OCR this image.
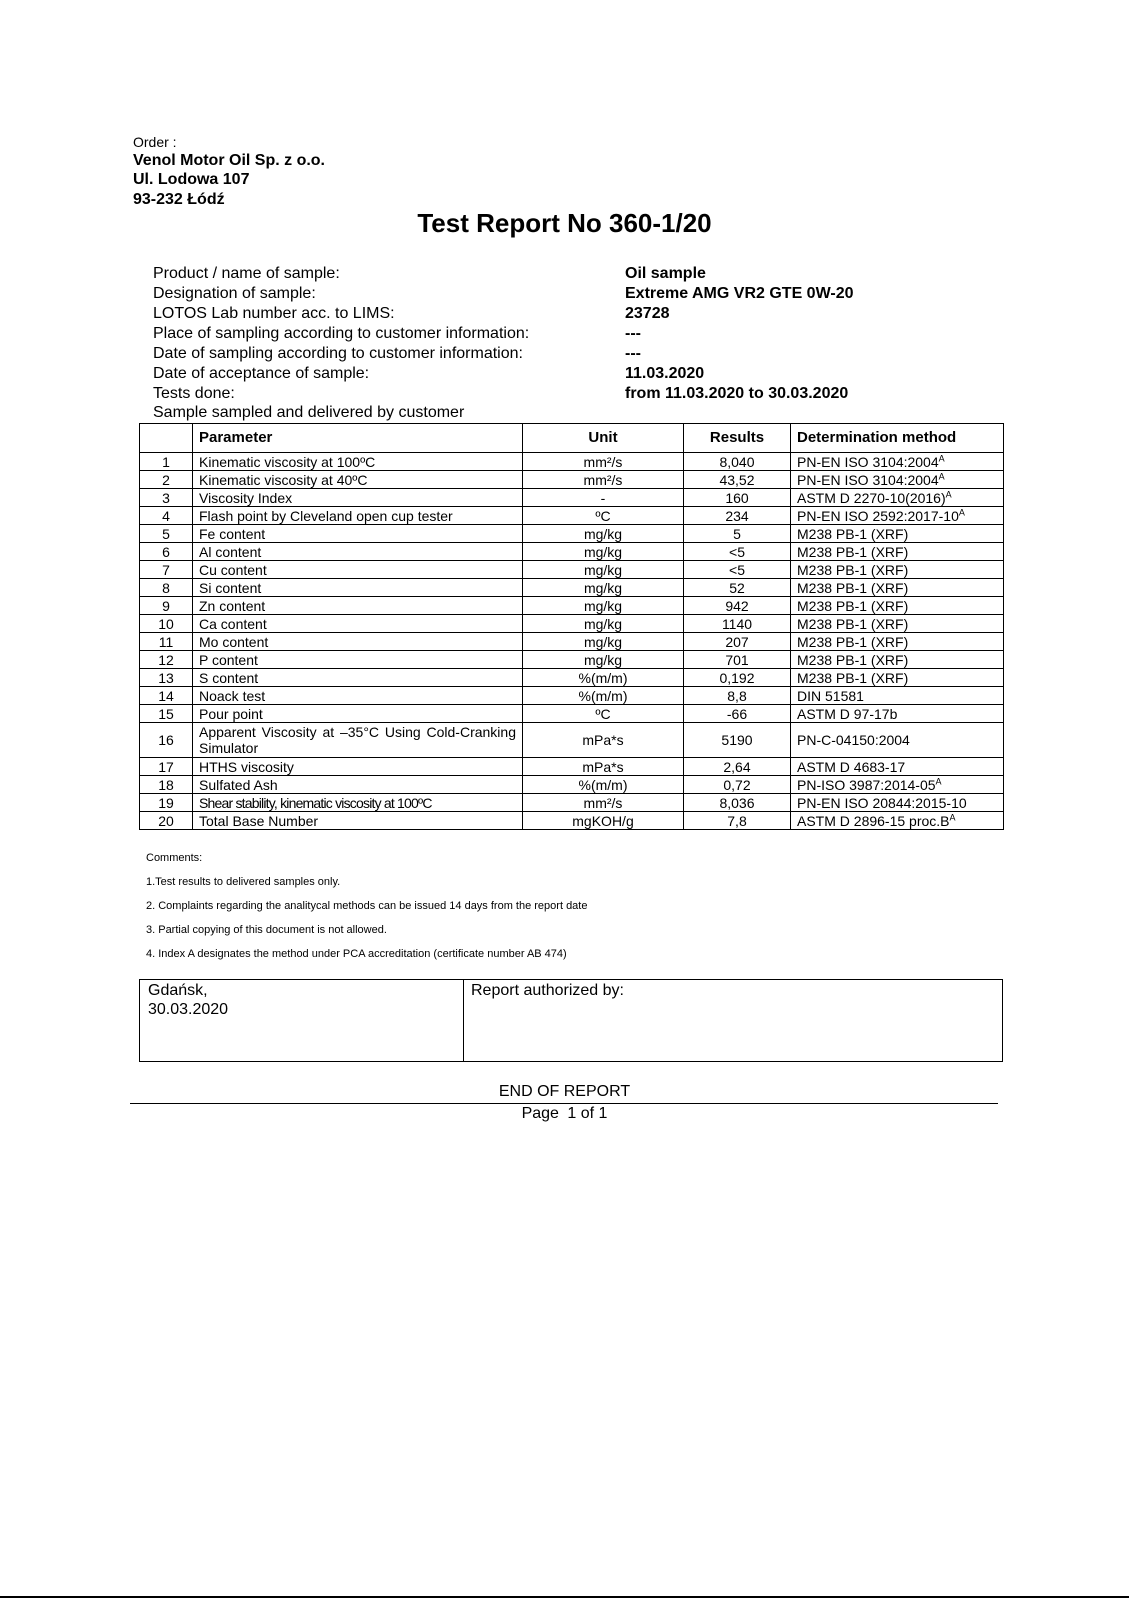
Order :
Venol Motor Oil Sp. z o.o.
Ul. Lodowa 107
93-232 Łódź
Test Report No 360-1/20
Product / name of sample:	Oil sample
Designation of sample:	Extreme AMG VR2 GTE 0W-20
LOTOS Lab number acc. to LIMS:	23728
Place of sampling according to customer information:	---
Date of sampling according to customer information:	---
Date of acceptance of sample:	11.03.2020
Tests done:	from 11.03.2020 to 30.03.2020
Sample sampled and delivered by customer
	Parameter	Unit	Results	Determination method
1	Kinematic viscosity at 100ºC	mm²/s	8,040	PN-EN ISO $3104:2004^A$
2	Kinematic viscosity at 40ºC	mm²/s	43,52	PN-EN ISO $3104:2004^A$
3	Viscosity Index	-	160	ASTM D $2270-10(2016)^A$
4	Flash point by Cleveland open cup tester	ºC	234	PN-EN ISO $2592:2017-10^A$
5	Fe content	mg/kg	5	M238 PB-1 (XRF)
6	Al content	mg/kg	<5	M238 PB-1 (XRF)
7	Cu content	mg/kg	<5	M238 PB-1 (XRF)
8	Si content	mg/kg	52	M238 PB-1 (XRF)
9	Zn content	mg/kg	942	M238 PB-1 (XRF)
10	Ca content	mg/kg	1140	M238 PB-1 (XRF)
11	Mo content	mg/kg	207	M238 PB-1 (XRF)
12	P content	mg/kg	701	M238 PB-1 (XRF)
13	S content	%(m/m)	0,192	M238 PB-1 (XRF)
14	Noack test	%(m/m)	8,8	DIN 51581
15	Pour point	ºC	-66	ASTM D 97-17b
16	Apparent Viscosity at –35°C Using Cold-Cranking Simulator	mPa*s	5190	PN-C-04150:2004
17	HTHS viscosity	mPa*s	2,64	ASTM D 4683-17
18	Sulfated Ash	%(m/m)	0,72	PN-ISO $3987:2014-05^A$
19	Shear stability, kinematic viscosity at 100ºC	mm²/s	8,036	PN-EN ISO 20844:2015-10
20	Total Base Number	mgKOH/g	7,8	ASTM D 2896-15 $proc.B^A$
Comments:
1.Test results to delivered samples only.
2. Complaints regarding the analitycal methods can be issued 14 days from the report date
3. Partial copying of this document is not allowed.
4. Index A designates the method under PCA accreditation (certificate number AB 474)
Gdańsk,
30.03.2020
Report authorized by:
END OF REPORT
Page 1 of 1
